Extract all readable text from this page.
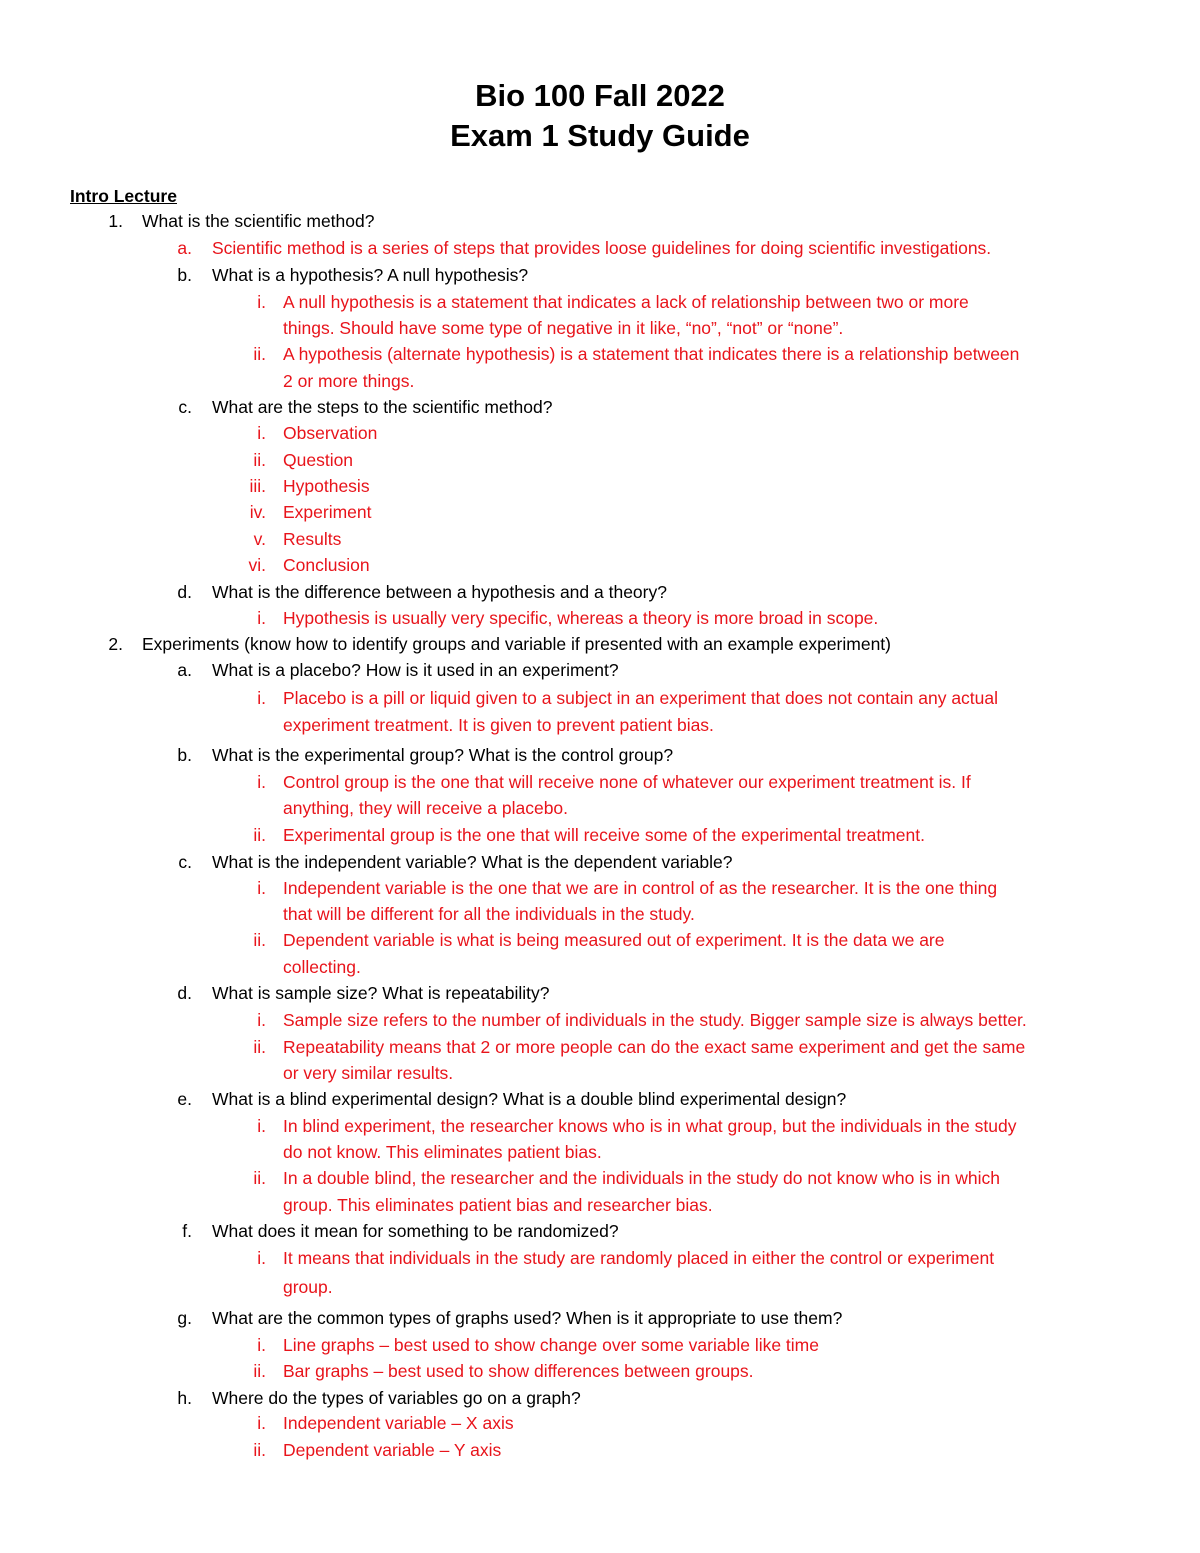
Bio 100 Fall 2022
Exam 1 Study Guide
Intro Lecture
1. What is the scientific method?
a. Scientific method is a series of steps that provides loose guidelines for doing scientific investigations.
b. What is a hypothesis? A null hypothesis?
i. A null hypothesis is a statement that indicates a lack of relationship between two or more
things. Should have some type of negative in it like, “no”, “not” or “none”.
ii. A hypothesis (alternate hypothesis) is a statement that indicates there is a relationship between
2 or more things.
c. What are the steps to the scientific method?
i. Observation
ii. Question
iii. Hypothesis
iv. Experiment
v. Results
vi. Conclusion
d. What is the difference between a hypothesis and a theory?
i. Hypothesis is usually very specific, whereas a theory is more broad in scope.
2. Experiments (know how to identify groups and variable if presented with an example experiment)
a. What is a placebo? How is it used in an experiment?
i. Placebo is a pill or liquid given to a subject in an experiment that does not contain any actual
experiment treatment. It is given to prevent patient bias.
b. What is the experimental group? What is the control group?
i. Control group is the one that will receive none of whatever our experiment treatment is. If
anything, they will receive a placebo.
ii. Experimental group is the one that will receive some of the experimental treatment.
c. What is the independent variable? What is the dependent variable?
i. Independent variable is the one that we are in control of as the researcher. It is the one thing
that will be different for all the individuals in the study.
ii. Dependent variable is what is being measured out of experiment. It is the data we are
collecting.
d. What is sample size? What is repeatability?
i. Sample size refers to the number of individuals in the study. Bigger sample size is always better.
ii. Repeatability means that 2 or more people can do the exact same experiment and get the same
or very similar results.
e. What is a blind experimental design? What is a double blind experimental design?
i. In blind experiment, the researcher knows who is in what group, but the individuals in the study
do not know. This eliminates patient bias.
ii. In a double blind, the researcher and the individuals in the study do not know who is in which
group. This eliminates patient bias and researcher bias.
f. What does it mean for something to be randomized?
i. It means that individuals in the study are randomly placed in either the control or experiment
group.
g. What are the common types of graphs used? When is it appropriate to use them?
i. Line graphs – best used to show change over some variable like time
ii. Bar graphs – best used to show differences between groups.
h. Where do the types of variables go on a graph?
i. Independent variable – X axis
ii. Dependent variable – Y axis
